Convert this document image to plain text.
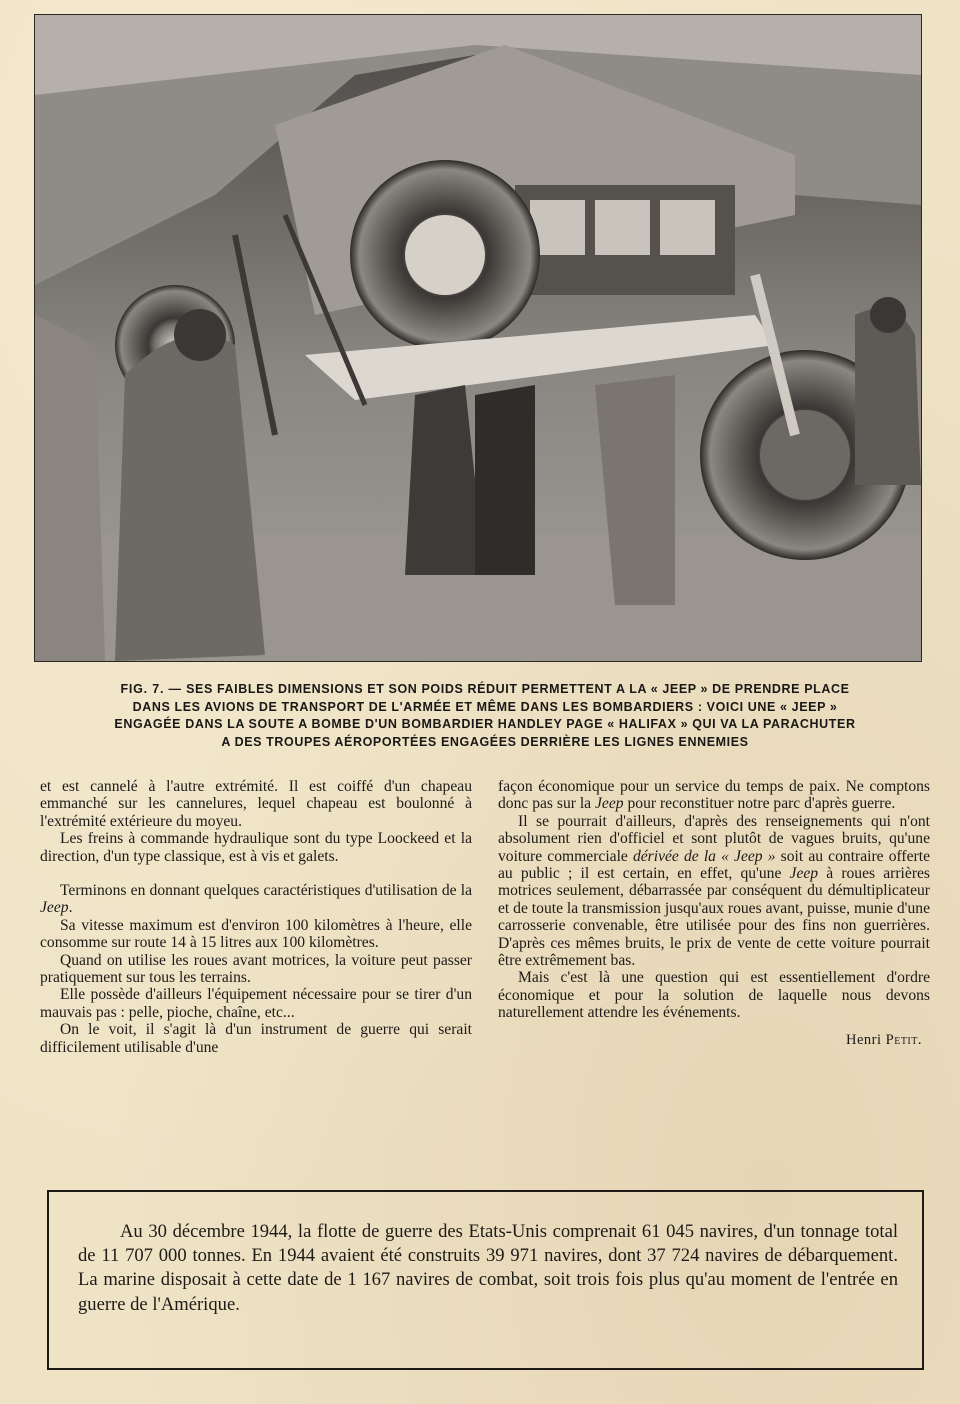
FIG. 7. — SES FAIBLES DIMENSIONS ET SON POIDS RÉDUIT PERMETTENT A LA « JEEP » DE PRENDRE PLACE
DANS LES AVIONS DE TRANSPORT DE L'ARMÉE ET MÊME DANS LES BOMBARDIERS : VOICI UNE « JEEP »
ENGAGÉE DANS LA SOUTE A BOMBE D'UN BOMBARDIER HANDLEY PAGE « HALIFAX » QUI VA LA PARACHUTER
A DES TROUPES AÉROPORTÉES ENGAGÉES DERRIÈRE LES LIGNES ENNEMIES

et est cannelé à l'autre extrémité. Il est coiffé d'un chapeau emmanché sur les cannelures, lequel chapeau est boulonné à l'extrémité extérieure du moyeu.

Les freins à commande hydraulique sont du type Loockeed et la direction, d'un type classique, est à vis et galets.

Terminons en donnant quelques caractéristiques d'utilisation de la Jeep.

Sa vitesse maximum est d'environ 100 kilomètres à l'heure, elle consomme sur route 14 à 15 litres aux 100 kilomètres.

Quand on utilise les roues avant motrices, la voiture peut passer pratiquement sur tous les terrains.

Elle possède d'ailleurs l'équipement nécessaire pour se tirer d'un mauvais pas : pelle, pioche, chaîne, etc...

On le voit, il s'agit là d'un instrument de guerre qui serait difficilement utilisable d'une

façon économique pour un service du temps de paix. Ne comptons donc pas sur la Jeep pour reconstituer notre parc d'après guerre.

Il se pourrait d'ailleurs, d'après des renseignements qui n'ont absolument rien d'officiel et sont plutôt de vagues bruits, qu'une voiture commerciale dérivée de la « Jeep » soit au contraire offerte au public ; il est certain, en effet, qu'une Jeep à roues arrières motrices seulement, débarrassée par conséquent du démultiplicateur et de toute la transmission jusqu'aux roues avant, puisse, munie d'une carrosserie convenable, être utilisée pour des fins non guerrières. D'après ces mêmes bruits, le prix de vente de cette voiture pourrait être extrêmement bas.

Mais c'est là une question qui est essentiellement d'ordre économique et pour la solution de laquelle nous devons naturellement attendre les événements.

Henri Petit.
Au 30 décembre 1944, la flotte de guerre des Etats-Unis comprenait 61 045 navires, d'un tonnage total de 11 707 000 tonnes. En 1944 avaient été construits 39 971 navires, dont 37 724 navires de débarquement. La marine disposait à cette date de 1 167 navires de combat, soit trois fois plus qu'au moment de l'entrée en guerre de l'Amérique.
